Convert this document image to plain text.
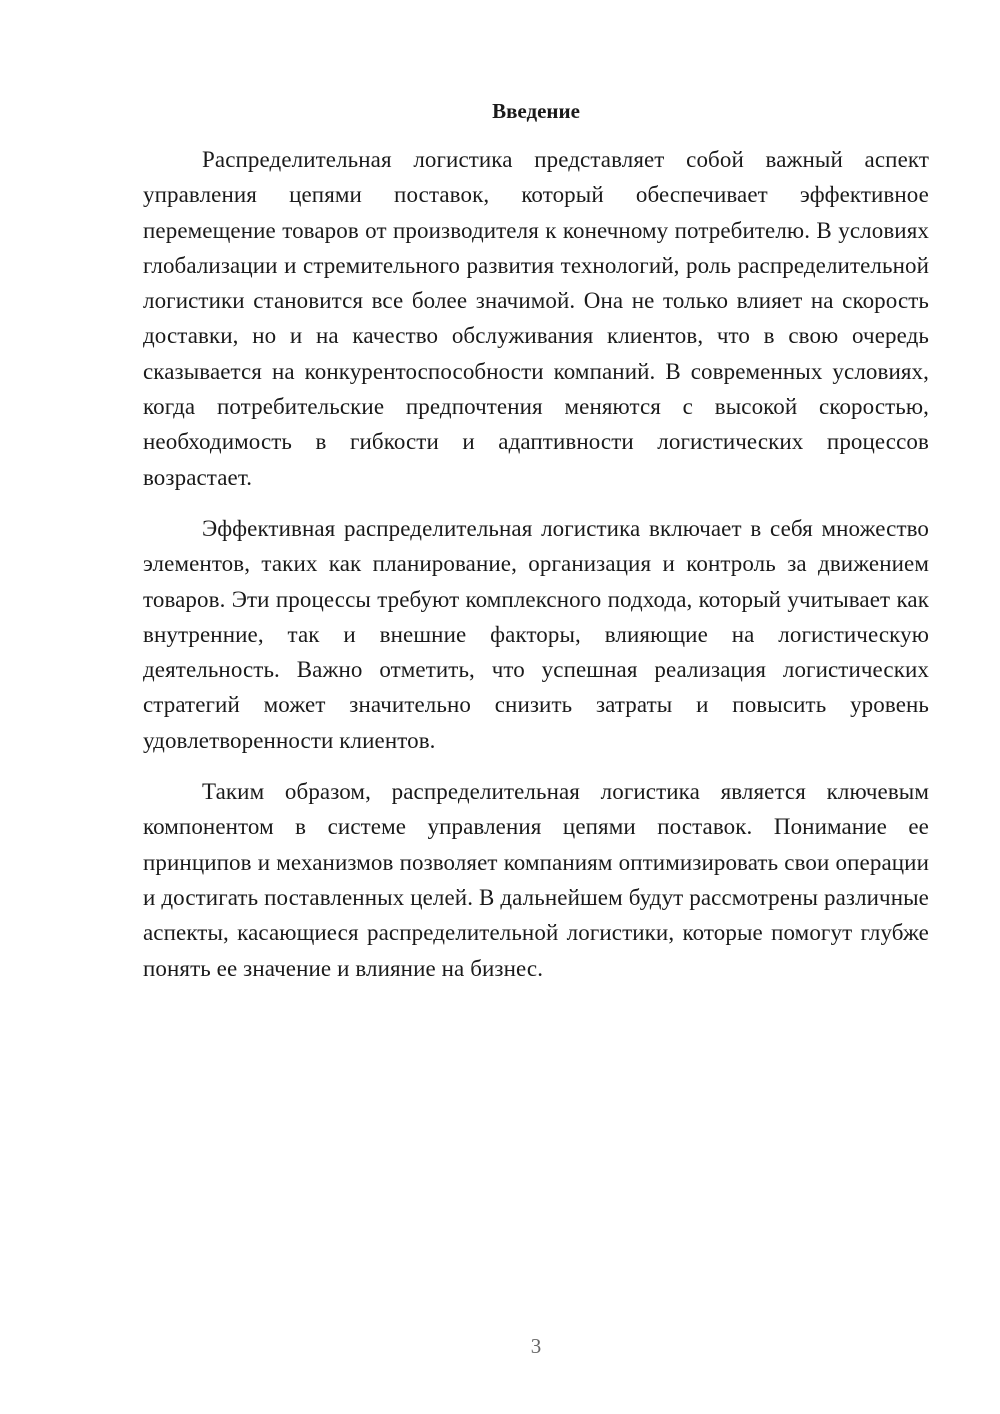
Введение

Распределительная логистика представляет собой важный аспект управления цепями поставок, который обеспечивает эффективное перемещение товаров от производителя к конечному потребителю. В условиях глобализации и стремительного развития технологий, роль распределительной логистики становится все более значимой. Она не только влияет на скорость доставки, но и на качество обслуживания клиентов, что в свою очередь сказывается на конкурентоспособности компаний. В современных условиях, когда потребительские предпочтения меняются с высокой скоростью, необходимость в гибкости и адаптивности логистических процессов возрастает.

Эффективная распределительная логистика включает в себя множество элементов, таких как планирование, организация и контроль за движением товаров. Эти процессы требуют комплексного подхода, который учитывает как внутренние, так и внешние факторы, влияющие на логистическую деятельность. Важно отметить, что успешная реализация логистических стратегий может значительно снизить затраты и повысить уровень удовлетворенности клиентов.

Таким образом, распределительная логистика является ключевым компонентом в системе управления цепями поставок. Понимание ее принципов и механизмов позволяет компаниям оптимизировать свои операции и достигать поставленных целей. В дальнейшем будут рассмотрены различные аспекты, касающиеся распределительной логистики, которые помогут глубже понять ее значение и влияние на бизнес.

3
